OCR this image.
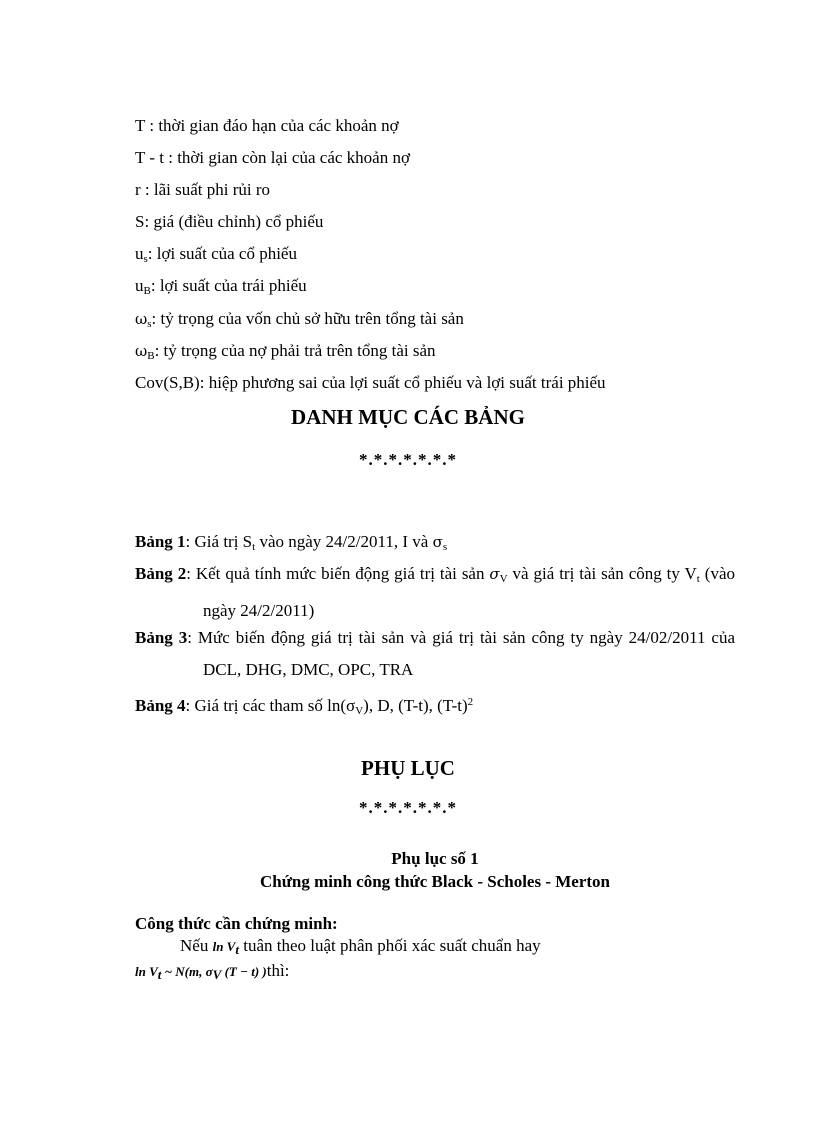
T : thời gian đáo hạn của các khoản nợ
T - t : thời gian còn lại của các khoản nợ
r : lãi suất phi rủi ro
S: giá (điều chỉnh) cổ phiếu
$u_s$: lợi suất của cổ phiếu
$u_B$: lợi suất của trái phiếu
$\omega_s$: tỷ trọng của vốn chủ sở hữu trên tổng tài sản
$\omega_B$: tỷ trọng của nợ phải trả trên tổng tài sản
Cov(S,B): hiệp phương sai của lợi suất cổ phiếu và lợi suất trái phiếu
DANH MỤC CÁC BẢNG
*.*.*.*.*.*.*
Bảng 1: Giá trị $S_t$ vào ngày 24/2/2011, I và $\sigma_s$
Bảng 2: Kết quả tính mức biến động giá trị tài sản $\sigma_V$ và giá trị tài sản công ty $V_t$ (vào ngày 24/2/2011)
Bảng 3: Mức biến động giá trị tài sản và giá trị tài sản công ty ngày 24/02/2011 của DCL, DHG, DMC, OPC, TRA
Bảng 4: Giá trị các tham số $\ln(\sigma_V)$, D, (T-t), $(T-t)^2$
PHỤ LỤC
*.*.*.*.*.*.*
Phụ lục số 1
Chứng minh công thức Black - Scholes - Merton
Công thức cần chứng minh:
Nếu $\ln V_t$ tuân theo luật phân phối xác suất chuẩn hay
$\ln V_t$ ~ N(m, $\sigma_V$ (T − t) )thì:
